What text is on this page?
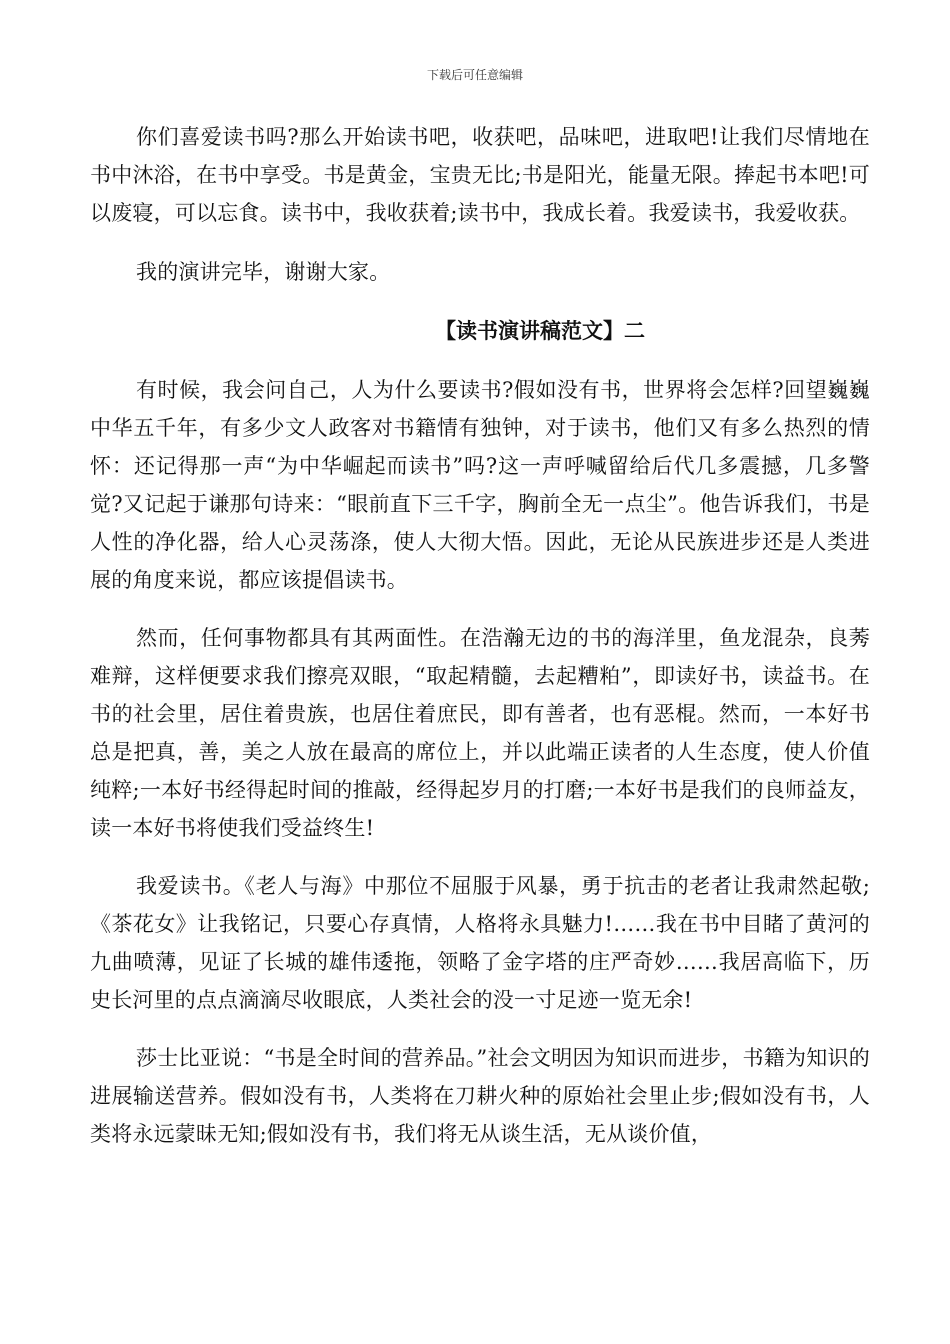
下载后可任意编辑

你们喜爱读书吗?那么开始读书吧，收获吧，品味吧，进取吧!让我们尽情地在书中沐浴，在书中享受。书是黄金，宝贵无比;书是阳光，能量无限。捧起书本吧!可以废寝，可以忘食。读书中，我收获着;读书中，我成长着。我爱读书，我爱收获。

我的演讲完毕，谢谢大家。

【读书演讲稿范文】二

有时候，我会问自己，人为什么要读书?假如没有书，世界将会怎样?回望巍巍中华五千年，有多少文人政客对书籍情有独钟，对于读书，他们又有多么热烈的情怀：还记得那一声“为中华崛起而读书”吗?这一声呼喊留给后代几多震撼，几多警觉?又记起于谦那句诗来：“眼前直下三千字，胸前全无一点尘”。他告诉我们，书是人性的净化器，给人心灵荡涤，使人大彻大悟。因此，无论从民族进步还是人类进展的角度来说，都应该提倡读书。

然而，任何事物都具有其两面性。在浩瀚无边的书的海洋里，鱼龙混杂，良莠难辩，这样便要求我们擦亮双眼，“取起精髓，去起糟粕”，即读好书，读益书。在书的社会里，居住着贵族，也居住着庶民，即有善者，也有恶棍。然而，一本好书总是把真，善，美之人放在最高的席位上，并以此端正读者的人生态度，使人价值纯粹;一本好书经得起时间的推敲，经得起岁月的打磨;一本好书是我们的良师益友，读一本好书将使我们受益终生!

我爱读书。《老人与海》中那位不屈服于风暴，勇于抗击的老者让我肃然起敬;《茶花女》让我铭记，只要心存真情，人格将永具魅力!……我在书中目睹了黄河的九曲喷薄，见证了长城的雄伟逶拖，领略了金字塔的庄严奇妙……我居高临下，历史长河里的点点滴滴尽收眼底，人类社会的没一寸足迹一览无余!

莎士比亚说：“书是全时间的营养品。”社会文明因为知识而进步，书籍为知识的进展输送营养。假如没有书，人类将在刀耕火种的原始社会里止步;假如没有书，人类将永远蒙昧无知;假如没有书，我们将无从谈生活，无从谈价值，
